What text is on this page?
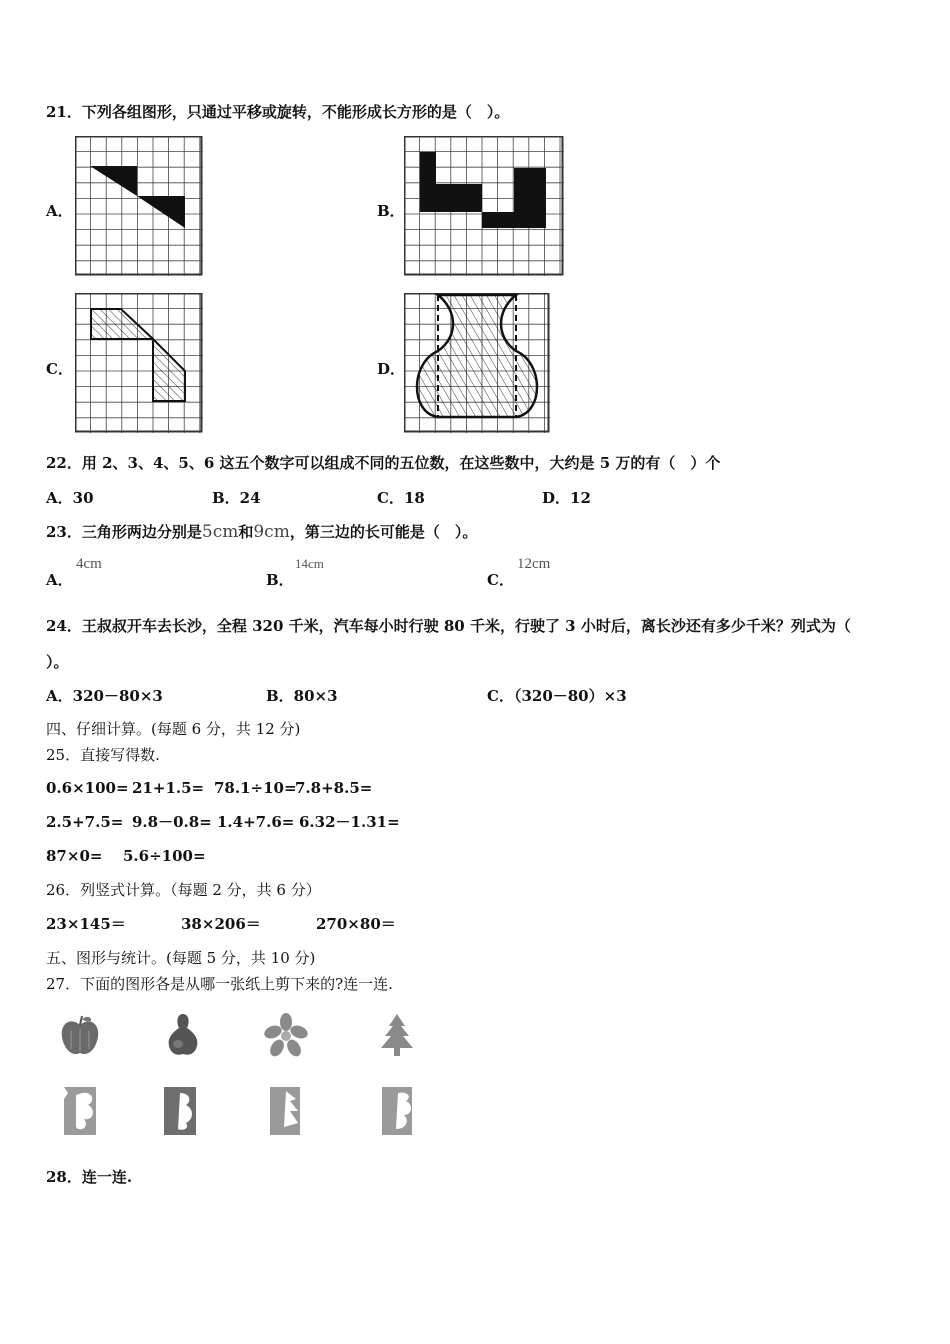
21．下列各组图形，只通过平移或旋转，不能形成长方形的是（　）。
A．	B．
C．	D．
22．用 2、3、4、5、6 这五个数字可以组成不同的五位数，在这些数中，大约是 5 万的有（　）个
A．30	B．24	C．18	D．12
23．三角形两边分别是5cm和9cm，第三边的长可能是（　）。
A．
4cm
B．
14cm
C．
12cm
24．王叔叔开车去长沙，全程 320 千米，汽车每小时行驶 80 千米，行驶了 3 小时后，离长沙还有多少千米？列式为（
）。
A．320－80×3	B．80×3	C．（320－80）×3
四、仔细计算。(每题 6 分，共 12 分)
25．直接写得数.
0.6×100= 21+1.5= 78.1÷10=
7.8+8.5=
2.5+7.5= 9.8－0.8= 1.4+7.6= 6.32－1.31=
87×0= 5.6÷100=
26．列竖式计算。（每题 2 分，共 6 分）
23×145＝	38×206＝	270×80＝
五、图形与统计。(每题 5 分，共 10 分)
27．下面的图形各是从哪一张纸上剪下来的?连一连.
28．连一连.
